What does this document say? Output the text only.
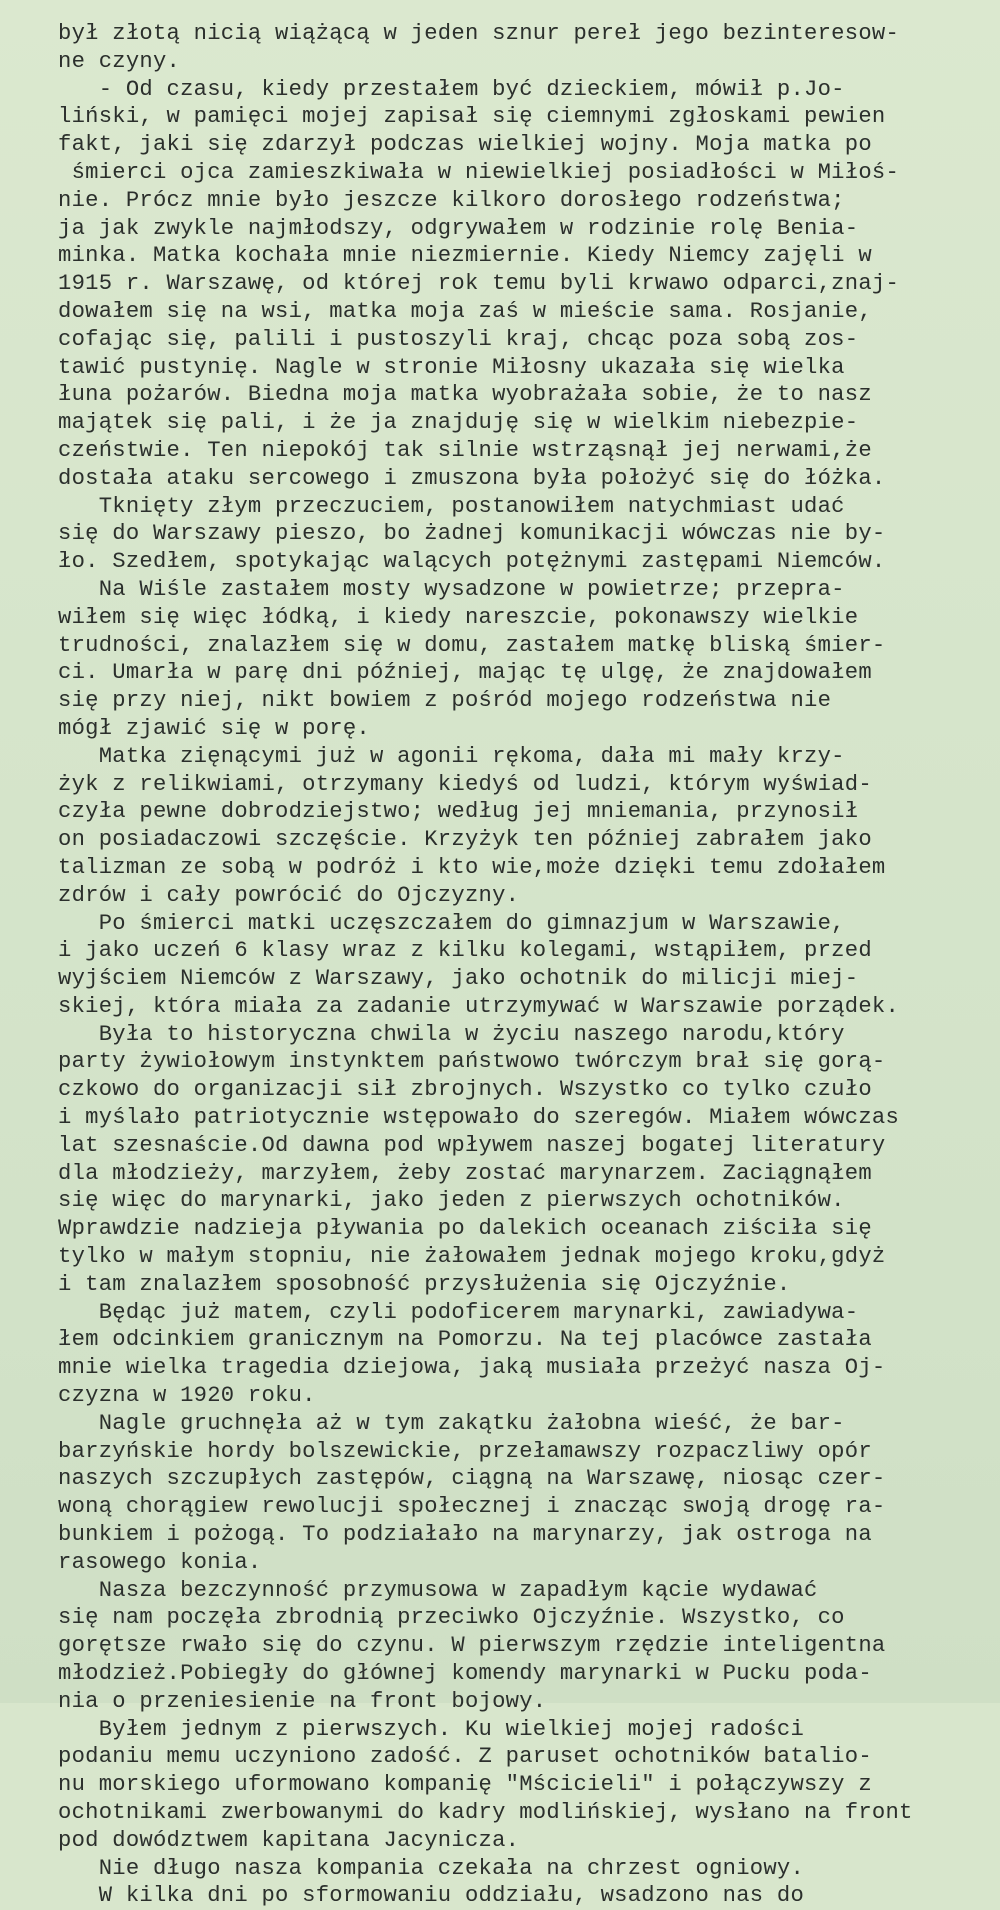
był złotą nicią wiążącą w jeden sznur pereł jego bezinteresow-
ne czyny.
- Od czasu, kiedy przestałem być dzieckiem, mówił p.Jo-
liński, w pamięci mojej zapisał się ciemnymi zgłoskami pewien
fakt, jaki się zdarzył podczas wielkiej wojny. Moja matka po
śmierci ojca zamieszkiwała w niewielkiej posiadłości w Miłoś-
nie. Prócz mnie było jeszcze kilkoro dorosłego rodzeństwa;
ja jak zwykle najmłodszy, odgrywałem w rodzinie rolę Benia-
minka. Matka kochała mnie niezmiernie. Kiedy Niemcy zajęli w
1915 r. Warszawę, od której rok temu byli krwawo odparci,znaj-
dowałem się na wsi, matka moja zaś w mieście sama. Rosjanie,
cofając się, palili i pustoszyli kraj, chcąc poza sobą zos-
tawić pustynię. Nagle w stronie Miłosny ukazała się wielka
łuna pożarów. Biedna moja matka wyobrażała sobie, że to nasz
majątek się pali, i że ja znajduję się w wielkim niebezpie-
czeństwie. Ten niepokój tak silnie wstrząsnął jej nerwami,że
dostała ataku sercowego i zmuszona była położyć się do łóżka.
Tknięty złym przeczuciem, postanowiłem natychmiast udać
się do Warszawy pieszo, bo żadnej komunikacji wówczas nie by-
ło. Szedłem, spotykając walących potężnymi zastępami Niemców.
Na Wiśle zastałem mosty wysadzone w powietrze; przepra-
wiłem się więc łódką, i kiedy nareszcie, pokonawszy wielkie
trudności, znalazłem się w domu, zastałem matkę bliską śmier-
ci. Umarła w parę dni później, mając tę ulgę, że znajdowałem
się przy niej, nikt bowiem z pośród mojego rodzeństwa nie
mógł zjawić się w porę.
Matka zięnącymi już w agonii rękoma, dała mi mały krzy-
żyk z relikwiami, otrzymany kiedyś od ludzi, którym wyświad-
czyła pewne dobrodziejstwo; według jej mniemania, przynosił
on posiadaczowi szczęście. Krzyżyk ten później zabrałem jako
talizman ze sobą w podróż i kto wie,może dzięki temu zdołałem
zdrów i cały powrócić do Ojczyzny.
Po śmierci matki uczęszczałem do gimnazjum w Warszawie,
i jako uczeń 6 klasy wraz z kilku kolegami, wstąpiłem, przed
wyjściem Niemców z Warszawy, jako ochotnik do milicji miej-
skiej, która miała za zadanie utrzymywać w Warszawie porządek.
Była to historyczna chwila w życiu naszego narodu,który
party żywiołowym instynktem państwowo twórczym brał się gorą-
czkowo do organizacji sił zbrojnych. Wszystko co tylko czuło
i myślało patriotycznie wstępowało do szeregów. Miałem wówczas
lat szesnaście.Od dawna pod wpływem naszej bogatej literatury
dla młodzieży, marzyłem, żeby zostać marynarzem. Zaciągnąłem
się więc do marynarki, jako jeden z pierwszych ochotników.
Wprawdzie nadzieja pływania po dalekich oceanach ziściła się
tylko w małym stopniu, nie żałowałem jednak mojego kroku,gdyż
i tam znalazłem sposobność przysłużenia się Ojczyźnie.
Będąc już matem, czyli podoficerem marynarki, zawiadywa-
łem odcinkiem granicznym na Pomorzu. Na tej placówce zastała
mnie wielka tragedia dziejowa, jaką musiała przeżyć nasza Oj-
czyzna w 1920 roku.
Nagle gruchnęła aż w tym zakątku żałobna wieść, że bar-
barzyńskie hordy bolszewickie, przełamawszy rozpaczliwy opór
naszych szczupłych zastępów, ciągną na Warszawę, niosąc czer-
woną chorągiew rewolucji społecznej i znacząc swoją drogę ra-
bunkiem i pożogą. To podziałało na marynarzy, jak ostroga na
rasowego konia.
Nasza bezczynność przymusowa w zapadłym kącie wydawać
się nam poczęła zbrodnią przeciwko Ojczyźnie. Wszystko, co
gorętsze rwało się do czynu. W pierwszym rzędzie inteligentna
młodzież.Pobiegły do głównej komendy marynarki w Pucku poda-
nia o przeniesienie na front bojowy.
Byłem jednym z pierwszych. Ku wielkiej mojej radości
podaniu memu uczyniono zadość. Z paruset ochotników batalio-
nu morskiego uformowano kompanię "Mścicieli" i połączywszy z
ochotnikami zwerbowanymi do kadry modlińskiej, wysłano na front
pod dowództwem kapitana Jacynicza.
Nie długo nasza kompania czekała na chrzest ogniowy.
W kilka dni po sformowaniu oddziału, wsadzono nas do
